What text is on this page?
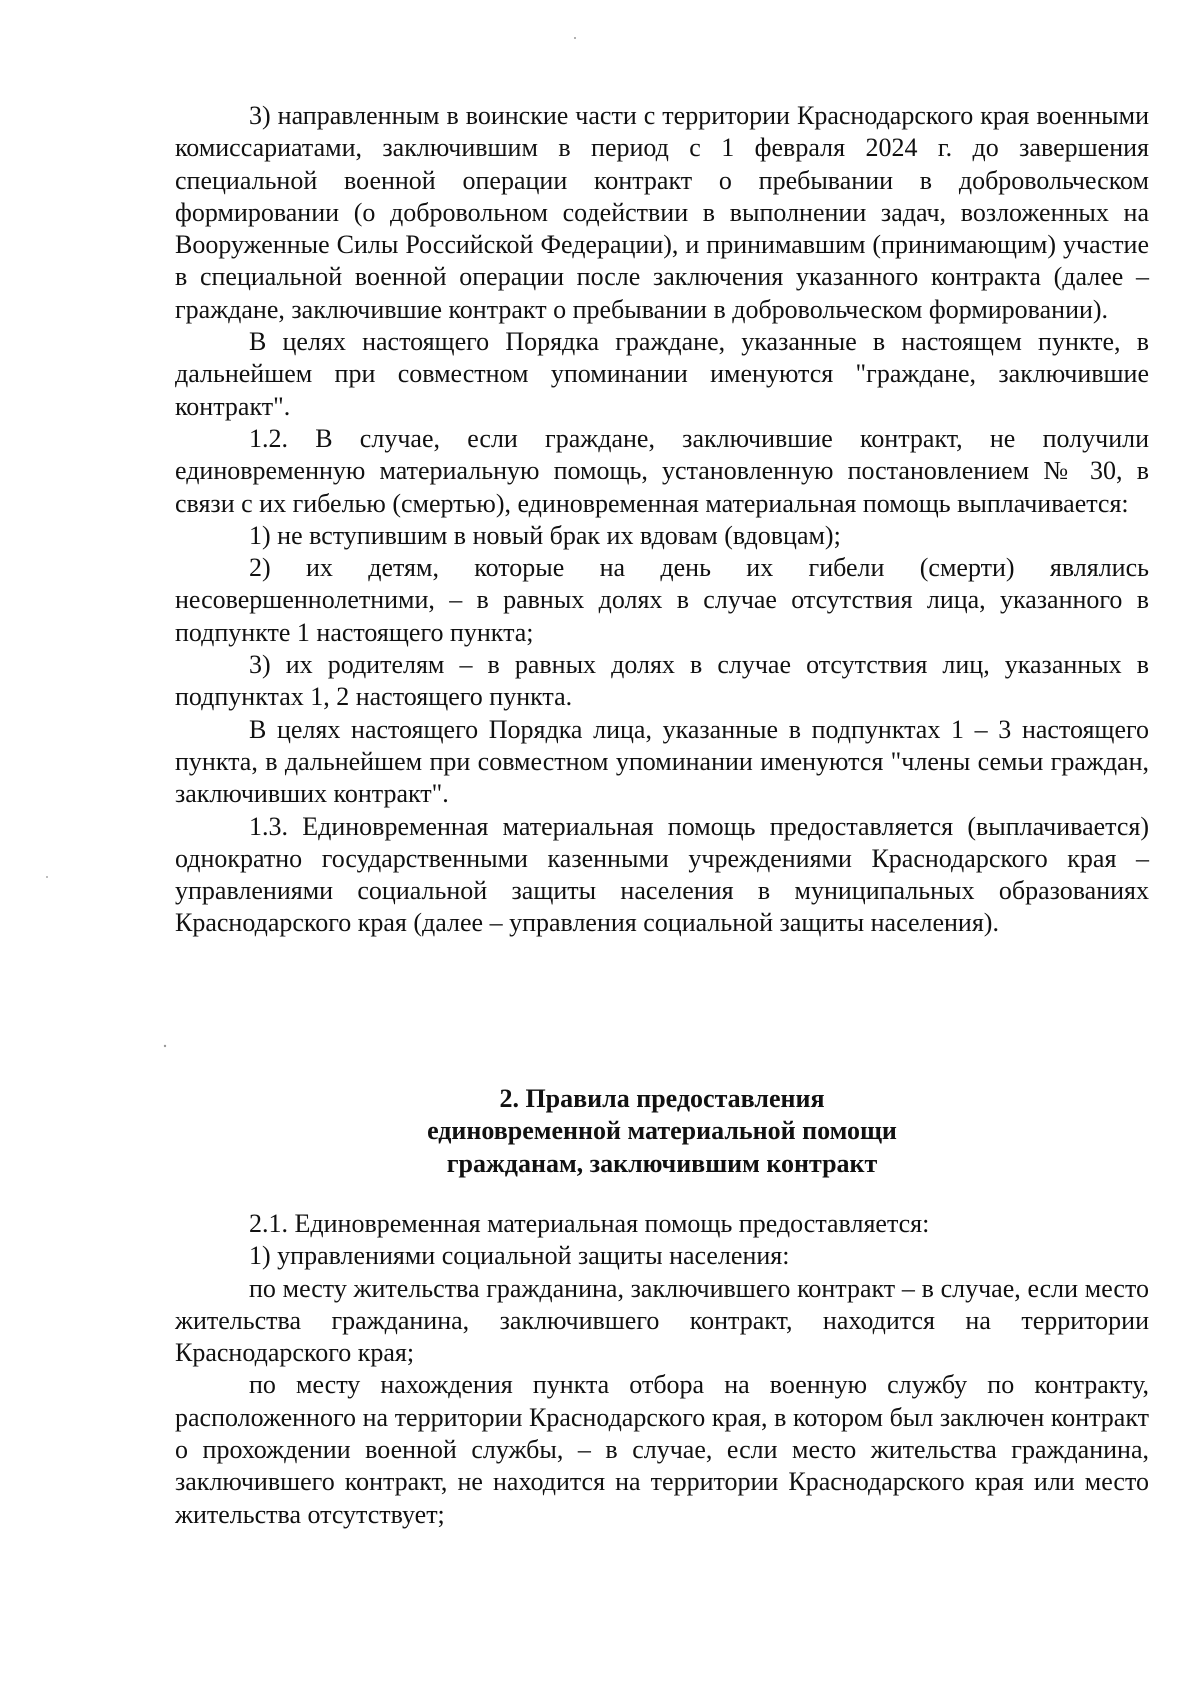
3) направленным в воинские части с территории Краснодарского края военными комиссариатами, заключившим в период с 1 февраля 2024 г. до завершения специальной военной операции контракт о пребывании в добровольческом формировании (о добровольном содействии в выполнении задач, возложенных на Вооруженные Силы Российской Федерации), и принимавшим (принимающим) участие в специальной военной операции после заключения указанного контракта (далее – граждане, заключившие контракт о пребывании в добровольческом формировании).

В целях настоящего Порядка граждане, указанные в настоящем пункте, в дальнейшем при совместном упоминании именуются "граждане, заключившие контракт".

1.2. В случае, если граждане, заключившие контракт, не получили единовременную материальную помощь, установленную постановлением № 30, в связи с их гибелью (смертью), единовременная материальная помощь выплачивается:

1) не вступившим в новый брак их вдовам (вдовцам);

2) их детям, которые на день их гибели (смерти) являлись несовершеннолетними, – в равных долях в случае отсутствия лица, указанного в подпункте 1 настоящего пункта;

3) их родителям – в равных долях в случае отсутствия лиц, указанных в подпунктах 1, 2 настоящего пункта.

В целях настоящего Порядка лица, указанные в подпунктах 1 – 3 настоящего пункта, в дальнейшем при совместном упоминании именуются "члены семьи граждан, заключивших контракт".

1.3. Единовременная материальная помощь предоставляется (выплачивается) однократно государственными казенными учреждениями Краснодарского края – управлениями социальной защиты населения в муниципальных образованиях Краснодарского края (далее – управления социальной защиты населения).

2. Правила предоставления
единовременной материальной помощи
гражданам, заключившим контракт

2.1. Единовременная материальная помощь предоставляется:

1) управлениями социальной защиты населения:

по месту жительства гражданина, заключившего контракт – в случае, если место жительства гражданина, заключившего контракт, находится на территории Краснодарского края;

по месту нахождения пункта отбора на военную службу по контракту, расположенного на территории Краснодарского края, в котором был заключен контракт о прохождении военной службы, – в случае, если место жительства гражданина, заключившего контракт, не находится на территории Краснодарского края или место жительства отсутствует;
